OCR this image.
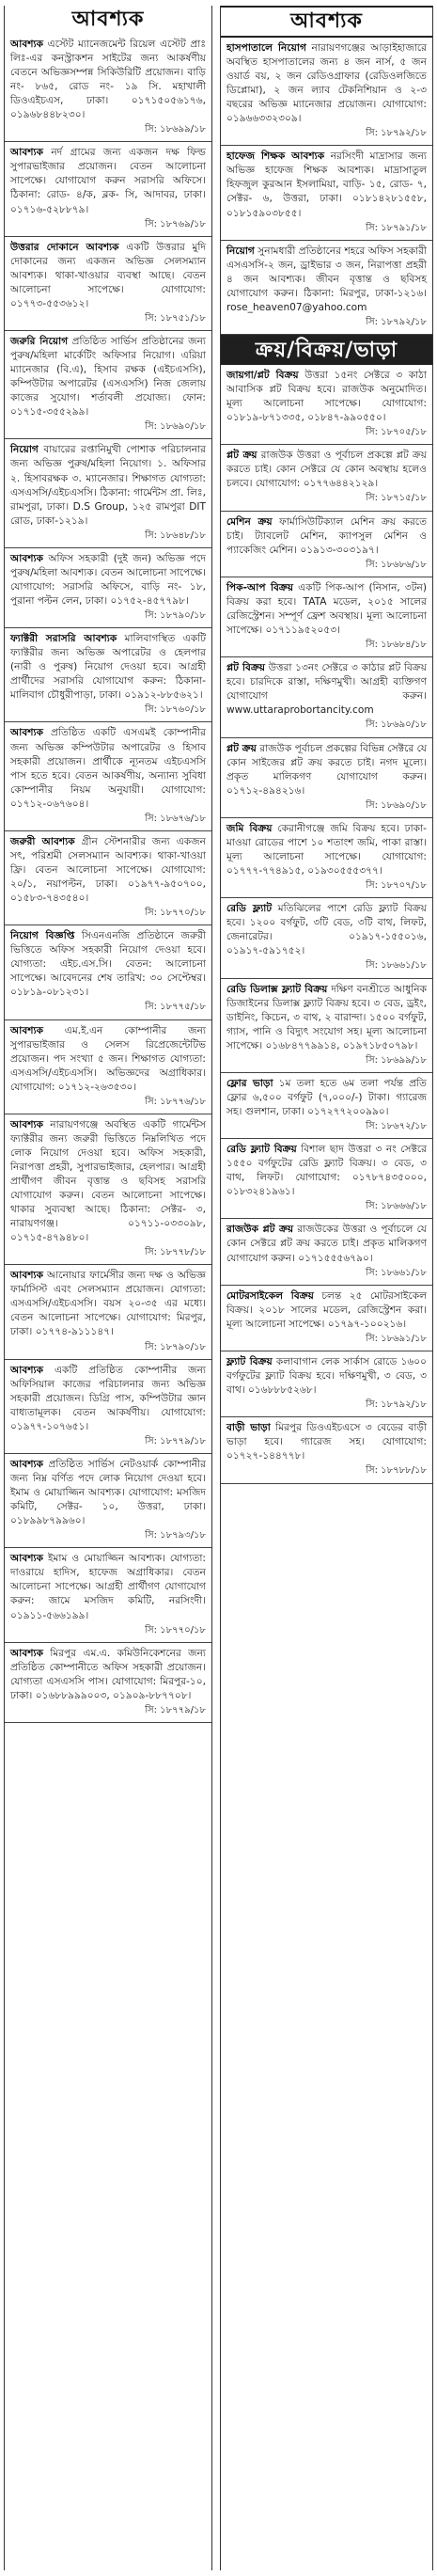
আবশ্যক
আবশ্যক এস্টেট ম্যানেজমেন্ট রিয়েল এস্টেট প্রাঃ লিঃ-এর কনস্ট্রাকশন সাইটের জন্য আকর্ষণীয় বেতনে অভিজ্ঞসম্পন্ন সিকিউরিটি প্রয়োজন। বাড়ি নং- ৮৬৫, রোড নং- ১৯ সি. মহাখালী ডিওএইচএস, ঢাকা। ০১৭১৫০৫৬১৭৬, ০১৯৬৮৪৪৮২৩০।
সি: ১৮৬৯৯/১৮
আবশ্যক নর্দ গ্রামের জন্য একজন দক্ষ ফিল্ড সুপারভাইজার প্রয়োজন। বেতন আলোচনা সাপেক্ষে। যোগাযোগ করুন সরাসরি অফিসে। ঠিকানা: রোড- ৪/ক, ব্লক- সি, আদাবর, ঢাকা। ০১৭১৬-৫২৮৮৭৯।
সি: ১৮৭৬৯/১৮
উত্তরার দোকানে আবশ্যক একটি উত্তরার মুদি দোকানের জন্য একজন অভিজ্ঞ সেলসম্যান আবশ্যক। থাকা-খাওয়ার ব্যবস্থা আছে। বেতন আলোচনা সাপেক্ষে। যোগাযোগ: ০১৭৭৩-৫৫৩৬১২।
সি: ১৮৭৫১/১৮
জরুরি নিয়োগ প্রতিষ্ঠিত সার্ভিস প্রতিষ্ঠানের জন্য পুরুষ/মহিলা মার্কেটিং অফিসার নিয়োগ। এরিয়া ম্যানেজার (বি.এ), হিসাব রক্ষক (এইচএসসি), কম্পিউটার অপারেটর (এসএসসি) নিজ জেলায় কাজের সুযোগ। শর্তাবলী প্রযোজ্য। ফোন: ০১৭১৫-৩৫৫২৯৯।
সি: ১৮৬৯০/১৮
নিয়োগ বায়ারের রপ্তানিমুখী পোশাক পরিচালনার জন্য অভিজ্ঞ পুরুষ/মহিলা নিয়োগ। ১. অফিসার ২. হিসাবরক্ষক ৩. ম্যানেজার। শিক্ষাগত যোগ্যতা: এসএসসি/এইচএসসি। ঠিকানা: গার্মেন্টস প্রা. লিঃ, রামপুরা, ঢাকা। D.S Group, ১২৫ রামপুরা DIT রোড, ঢাকা-১২১৯।
সি: ১৮৬৪৮/১৮
আবশ্যক অফিস সহকারী (দুই জন) অভিজ্ঞ পদে পুরুষ/মহিলা আবশ্যক। বেতন আলোচনা সাপেক্ষে। যোগাযোগ: সরাসরি অফিসে, বাড়ি নং- ১৮, পুরানা পল্টন লেন, ঢাকা। ০১৭৫২-৪৫৭৭৯৮।
সি: ১৮৭৯০/১৮
ফ্যাক্টরী সরাসরি আবশ্যক মালিবাগস্থিত একটি ফ্যাক্টরীর জন্য অভিজ্ঞ অপারেটর ও হেলপার (নারী ও পুরুষ) নিয়োগ দেওয়া হবে। আগ্রহী প্রার্থীদের সরাসরি যোগাযোগ করুন: ঠিকানা- মালিবাগ চৌধুরীপাড়া, ঢাকা। ০১৯১২-৮৮৫৬২১।
সি: ১৮৭৬০/১৮
আবশ্যক প্রতিষ্ঠিত একটি এসএমই কোম্পানীর জন্য অভিজ্ঞ কম্পিউটার অপারেটর ও হিসাব সহকারী প্রয়োজন। প্রার্থীকে ন্যূনতম এইচএসসি পাস হতে হবে। বেতন আকর্ষণীয়, অন্যান্য সুবিধা কোম্পানীর নিয়ম অনুযায়ী। যোগাযোগ: ০১৭১২-০৬৭৬০৪।
সি: ১৮৬৭৬/১৮
জরুরী আবশ্যক গ্রীন স্টেশনারীর জন্য একজন সৎ, পরিশ্রমী সেলসম্যান আবশ্যক। থাকা-খাওয়া ফ্রি। বেতন আলোচনা সাপেক্ষে। যোগাযোগ: ২০/১, নয়াপল্টন, ঢাকা। ০১৯৭৭-৯৫০৭০০, ০১৫৮৩-৭৪৩৫৪০।
সি: ১৮৭৭০/১৮
নিয়োগ বিজ্ঞপ্তি সিএনএনজি প্রতিষ্ঠানে জরুরী ভিত্তিতে অফিস সহকারী নিয়োগ দেওয়া হবে। যোগ্যতা: এইচ.এস.সি। বেতন: আলোচনা সাপেক্ষে। আবেদনের শেষ তারিখ: ৩০ সেপ্টেম্বর। ০১৮১৯-০৮১২৩১।
সি: ১৮৭৭৫/১৮
আবশ্যক এম.ই.এন কোম্পানীর জন্য সুপারভাইজার ও সেলস রিপ্রেজেন্টেটিভ প্রয়োজন। পদ সংখ্যা ৫ জন। শিক্ষাগত যোগ্যতা: এসএসসি/এইচএসসি। অভিজ্ঞদের অগ্রাধিকার। যোগাযোগ: ০১৭১২-২৬৩৫৩০।
সি: ১৮৭৭৬/১৮
আবশ্যক নারায়ণগঞ্জে অবস্থিত একটি গার্মেন্টস ফ্যাক্টরীর জন্য জরুরী ভিত্তিতে নিম্নলিখিত পদে লোক নিয়োগ দেওয়া হবে। অফিস সহকারী, নিরাপত্তা প্রহরী, সুপারভাইজার, হেলপার। আগ্রহী প্রার্থীগণ জীবন বৃত্তান্ত ও ছবিসহ সরাসরি যোগাযোগ করুন। বেতন আলোচনা সাপেক্ষে। থাকার সুব্যবস্থা আছে। ঠিকানা: সেক্টর- ৩, নারায়ণগঞ্জ। ০১৭১১-০৩৩০৯৮, ০১৭১৫-৪৭৯৪৮০।
সি: ১৮৭৭৮/১৮
আবশ্যক আনোয়ার ফার্মেসীর জন্য দক্ষ ও অভিজ্ঞ ফার্মাসিস্ট এবং সেলসম্যান প্রয়োজন। যোগ্যতা: এসএসসি/এইচএসসি। বয়স ২০-৩৫ এর মধ্যে। বেতন আলোচনা সাপেক্ষে। যোগাযোগ: মিরপুর, ঢাকা। ০১৭৭৪-৯১১১৪৭।
সি: ১৮৭৯০/১৮
আবশ্যক একটি প্রতিষ্ঠিত কোম্পানীর জন্য অফিসিয়াল কাজের পরিচালনার জন্য অভিজ্ঞ সহকারী প্রয়োজন। ডিগ্রি পাস, কম্পিউটার জ্ঞান বাধ্যতামূলক। বেতন আকর্ষণীয়। যোগাযোগ: ০১৯৭৭-১০৭৬৫১।
সি: ১৮৭৭৯/১৮
আবশ্যক প্রতিষ্ঠিত সার্ভিস নেটওয়ার্ক কোম্পানীর জন্য নিম্ন বর্ণিত পদে লোক নিয়োগ দেওয়া হবে। ইমাম ও মোয়াজ্জিন আবশ্যক। যোগাযোগ: মসজিদ কমিটি, সেক্টর- ১০, উত্তরা, ঢাকা। ০১৮৯৯৮৭৯৯৬০।
সি: ১৮৭৯৩/১৮
আবশ্যক ইমাম ও মোয়াজ্জিন আবশ্যক। যোগ্যতা: দাওরায়ে হাদিস, হাফেজ অগ্রাধিকার। বেতন আলোচনা সাপেক্ষে। আগ্রহী প্রার্থীগণ যোগাযোগ করুন: জামে মসজিদ কমিটি, নরসিংদী। ০১৯১১-৫৬৬১৯৯।
সি: ১৮৭৭০/১৮
আবশ্যক মিরপুর এম.এ. কমিউনিকেশনের জন্য প্রতিষ্ঠিত কোম্পানীতে অফিস সহকারী প্রয়োজন। যোগ্যতা এসএসসি পাস। যোগাযোগ: মিরপুর-১০, ঢাকা। ০১৬৮৮৯৯৯০০৩, ০১৯০৯-৮৮৭৭০৮।
সি: ১৮৭৭৯/১৮
আবশ্যক
হাসপাতালে নিয়োগ নারায়ণগঞ্জের আড়াইহাজারে অবস্থিত হাসপাতালের জন্য ৪ জন নার্স, ৫ জন ওয়ার্ড বয়, ২ জন রেডিওগ্রাফার (রেডিওলজিতে ডিপ্লোমা), ২ জন ল্যাব টেকনিশিয়ান ও ২-৩ বছরের অভিজ্ঞ ম্যানেজার প্রয়োজন। যোগাযোগ: ০১৯৬৬৩৩২৩০৯।
সি: ১৮৭৯২/১৮
হাফেজ শিক্ষক আবশ্যক নরসিংদী মাদ্রাসার জন্য অভিজ্ঞ হাফেজ শিক্ষক আবশ্যক। মাদ্রাসাতুল হিফজুল কুরআন ইসলামিয়া, বাড়ি- ১৫, রোড- ৭, সেক্টর- ৬, উত্তরা, ঢাকা। ০১৮১৪২৮১৫৫৮, ০১৮১৫৯০৩৮৫৫।
সি: ১৮৭৯১/১৮
নিয়োগ সুনামধারী প্রতিষ্ঠানের শহরে অফিস সহকারী এসএসসি-২ জন, ড্রাইভার ৩ জন, নিরাপত্তা প্রহরী ৪ জন আবশ্যক। জীবন বৃত্তান্ত ও ছবিসহ যোগাযোগ করুন। ঠিকানা: মিরপুর, ঢাকা-১২১৬। rose_heaven07@yahoo.com
সি: ১৮৭৯২/১৮
ক্রয়/বিক্রয়/ভাড়া
জায়গা/প্লট বিক্রয় উত্তরা ১৫নং সেক্টরে ৩ কাঠা আবাসিক প্লট বিক্রয় হবে। রাজউক অনুমোদিত। মূল্য আলোচনা সাপেক্ষে। যোগাযোগ: ০১৮১৯-৮৭১৩৩৫, ০১৮৪৭-৯৯০৫৫০।
সি: ১৮৭০৫/১৮
প্লট ক্রয় রাজউক উত্তরা ও পূর্বাচল প্রকল্পে প্লট ক্রয় করতে চাই। কোন সেক্টরে যে কোন অবস্থায় হলেও চলবে। যোগাযোগ: ০১৭৭৬৪৪২১২৯।
সি: ১৮৭১৫/১৮
মেশিন ক্রয় ফার্মাসিউটিক্যাল মেশিন ক্রয় করতে চাই। ট্যাবলেট মেশিন, ক্যাপসুল মেশিন ও প্যাকেজিং মেশিন। ০১৯১৩-৩০৩১৯৭।
সি: ১৮৬৮৬/১৮
পিক-আপ বিক্রয় একটি পিক-আপ (নিসান, ৩টন) বিক্রয় করা হবে। TATA মডেল, ২০১৫ সালের রেজিস্ট্রেশন। সম্পূর্ণ ফ্রেশ অবস্থায়। মূল্য আলোচনা সাপেক্ষে। ০১৭১১৯৫২০৫৩।
সি: ১৮৬৮৪/১৮
প্লট বিক্রয় উত্তরা ১৩নং সেক্টরে ৩ কাঠার প্লট বিক্রয় হবে। চারদিকে রাস্তা, দক্ষিণমুখী। আগ্রহী ব্যক্তিগণ যোগাযোগ করুন। www.uttaraprobortancity.com
সি: ১৮৬৯০/১৮
প্লট ক্রয় রাজউক পূর্বাচল প্রকল্পের বিভিন্ন সেক্টরে যে কোন সাইজের প্লট ক্রয় করতে চাই। নগদ মূল্যে। প্রকৃত মালিকগণ যোগাযোগ করুন। ০১৭১২-৪৯৪২১৬।
সি: ১৮৬৯০/১৮
জমি বিক্রয় কেরানীগঞ্জে জমি বিক্রয় হবে। ঢাকা-মাওয়া রোডের পাশে ১০ শতাংশ জমি, পাকা রাস্তা। মূল্য আলোচনা সাপেক্ষে। যোগাযোগ: ০১৭৭৭-৭৭৪৯১৫, ০১৯৩০৫৫৫৩৭৭।
সি: ১৮৭০৭/১৮
রেডি ফ্ল্যাট মতিঝিলের পাশে রেডি ফ্ল্যাট বিক্রয় হবে। ১২০০ বর্গফুট, ৩টি বেড, ৩টি বাথ, লিফট, জেনারেটর। ০১৯১৭-১৫৫০১৬, ০১৯১৭-৫৯১৭৫২।
সি: ১৮৬৬১/১৮
রেডি ডিলাক্স ফ্ল্যাট বিক্রয় দক্ষিণ বনশ্রীতে আধুনিক ডিজাইনের ডিলাক্স ফ্ল্যাট বিক্রয় হবে। ৩ বেড, ড্রইং, ডাইনিং, কিচেন, ৩ বাথ, ২ বারান্দা। ১৫০০ বর্গফুট, গ্যাস, পানি ও বিদ্যুৎ সংযোগ সহ। মূল্য আলোচনা সাপেক্ষে। ০১৬৮৪৭৭৯৯১৪, ০১৯৭১৮৫০৭৯৮।
সি: ১৮৬৯৯/১৮
ফ্লোর ভাড়া ১ম তলা হতে ৬ম তলা পর্যন্ত প্রতি ফ্লোর ৬,৫০০ বর্গফুট (৭,০০০/-) টাকা। গ্যারেজ সহ। গুলশান, ঢাকা। ০১৭২৭৭২০০৯৯০।
সি: ১৮৬৭২/১৮
রেডি ফ্ল্যাট বিক্রয় বিশাল ছাদ উত্তরা ৩ নং সেক্টরে ১৫৫০ বর্গফুটের রেডি ফ্ল্যাট বিক্রয়। ৩ বেড, ৩ বাথ, লিফট। যোগাযোগ: ০১৭৮৭৪৩৫০০০, ০১৮৩২৪১৯৬১।
সি: ১৮৬৬৬/১৮
রাজউক প্লট ক্রয় রাজউকের উত্তরা ও পূর্বাচলে যে কোন সেক্টরে প্লট ক্রয় করতে চাই। প্রকৃত মালিকগণ যোগাযোগ করুন। ০১৭১৫৫৫৬৭৯০।
সি: ১৮৬৬১/১৮
মোটরসাইকেল বিক্রয় চলন্ত ২৫ মোটরসাইকেল বিক্রয়। ২০১৮ সালের মডেল, রেজিস্ট্রেশন করা। মূল্য আলোচনা সাপেক্ষে। ০১৭৯৭-১০০২১৬।
সি: ১৮৬৯১/১৮
ফ্ল্যাট বিক্রয় কলাবাগান লেক সার্কাস রোডে ১৬০০ বর্গফুটের ফ্ল্যাট বিক্রয় হবে। দক্ষিণমুখী, ৩ বেড, ৩ বাথ। ০১৬৮৮৮৫২৬৮।
সি: ১৮৭৯২/১৮
বাড়ী ভাড়া মিরপুর ডিওএইচএসে ৩ বেডের বাড়ী ভাড়া হবে। গ্যারেজ সহ। যোগাযোগ: ০১৭২৭-১৪৪৭৭৮।
সি: ১৮৭৮৮/১৮
